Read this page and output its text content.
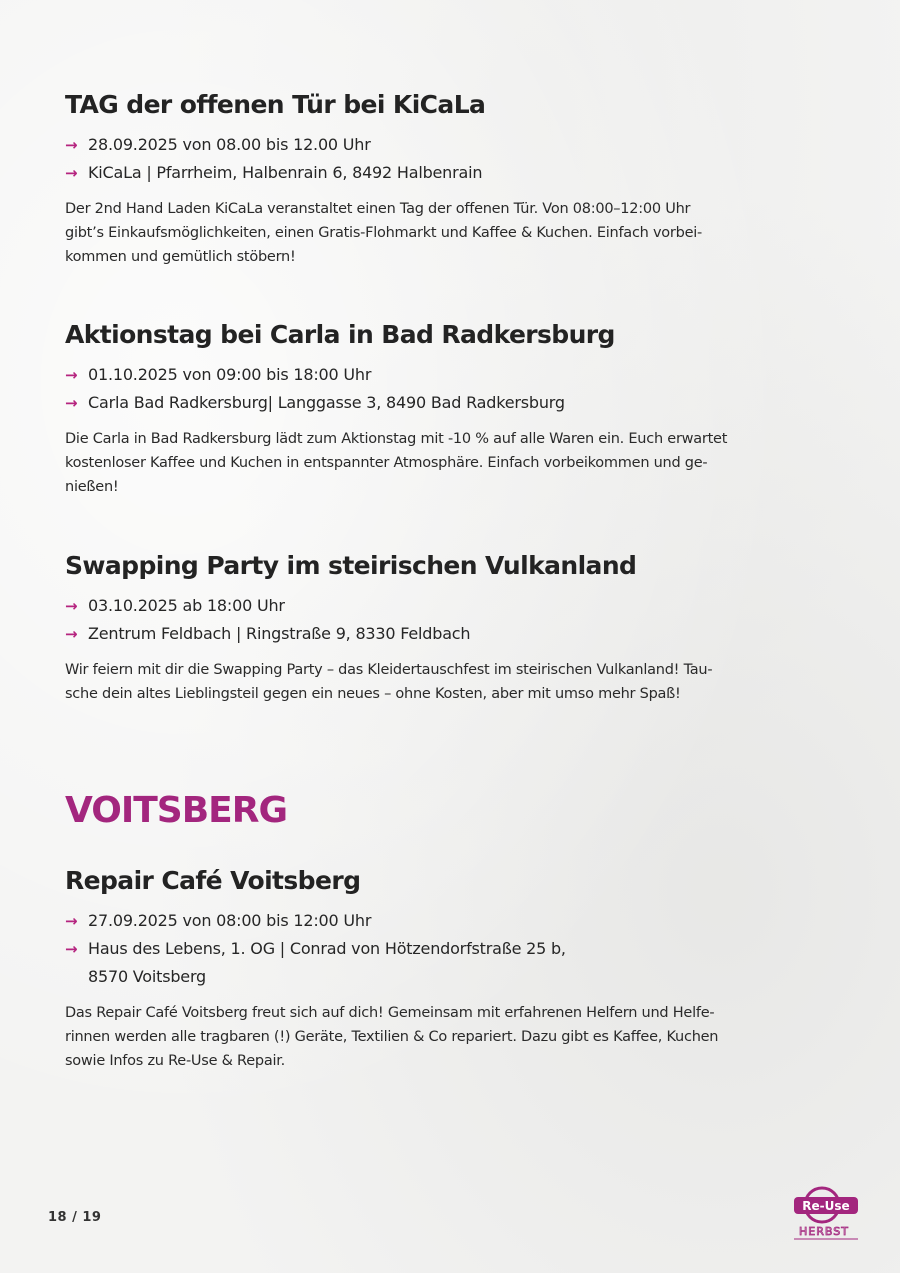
TAG der offenen Tür bei KiCaLa
→ 28.09.2025 von 08.00 bis 12.00 Uhr
→ KiCaLa | Pfarrheim, Halbenrain 6, 8492 Halbenrain

Der 2nd Hand Laden KiCaLa veranstaltet einen Tag der offenen Tür. Von 08:00–12:00 Uhr
gibt’s Einkaufsmöglichkeiten, einen Gratis-Flohmarkt und Kaffee & Kuchen. Einfach vorbei-
kommen und gemütlich stöbern!

Aktionstag bei Carla in Bad Radkersburg
→ 01.10.2025 von 09:00 bis 18:00 Uhr
→ Carla Bad Radkersburg| Langgasse 3, 8490 Bad Radkersburg

Die Carla in Bad Radkersburg lädt zum Aktionstag mit -10 % auf alle Waren ein. Euch erwartet
kostenloser Kaffee und Kuchen in entspannter Atmosphäre. Einfach vorbeikommen und ge-
nießen!

Swapping Party im steirischen Vulkanland
→ 03.10.2025 ab 18:00 Uhr
→ Zentrum Feldbach | Ringstraße 9, 8330 Feldbach

Wir feiern mit dir die Swapping Party – das Kleidertauschfest im steirischen Vulkanland! Tau-
sche dein altes Lieblingsteil gegen ein neues – ohne Kosten, aber mit umso mehr Spaß!

VOITSBERG
Repair Café Voitsberg
→ 27.09.2025 von 08:00 bis 12:00 Uhr
→ Haus des Lebens, 1. OG | Conrad von Hötzendorfstraße 25 b,
8570 Voitsberg

Das Repair Café Voitsberg freut sich auf dich! Gemeinsam mit erfahrenen Helfern und Helfe-
rinnen werden alle tragbaren (!) Geräte, Textilien & Co repariert. Dazu gibt es Kaffee, Kuchen
sowie Infos zu Re-Use & Repair.

18 / 19
Re-Use
HERBST
